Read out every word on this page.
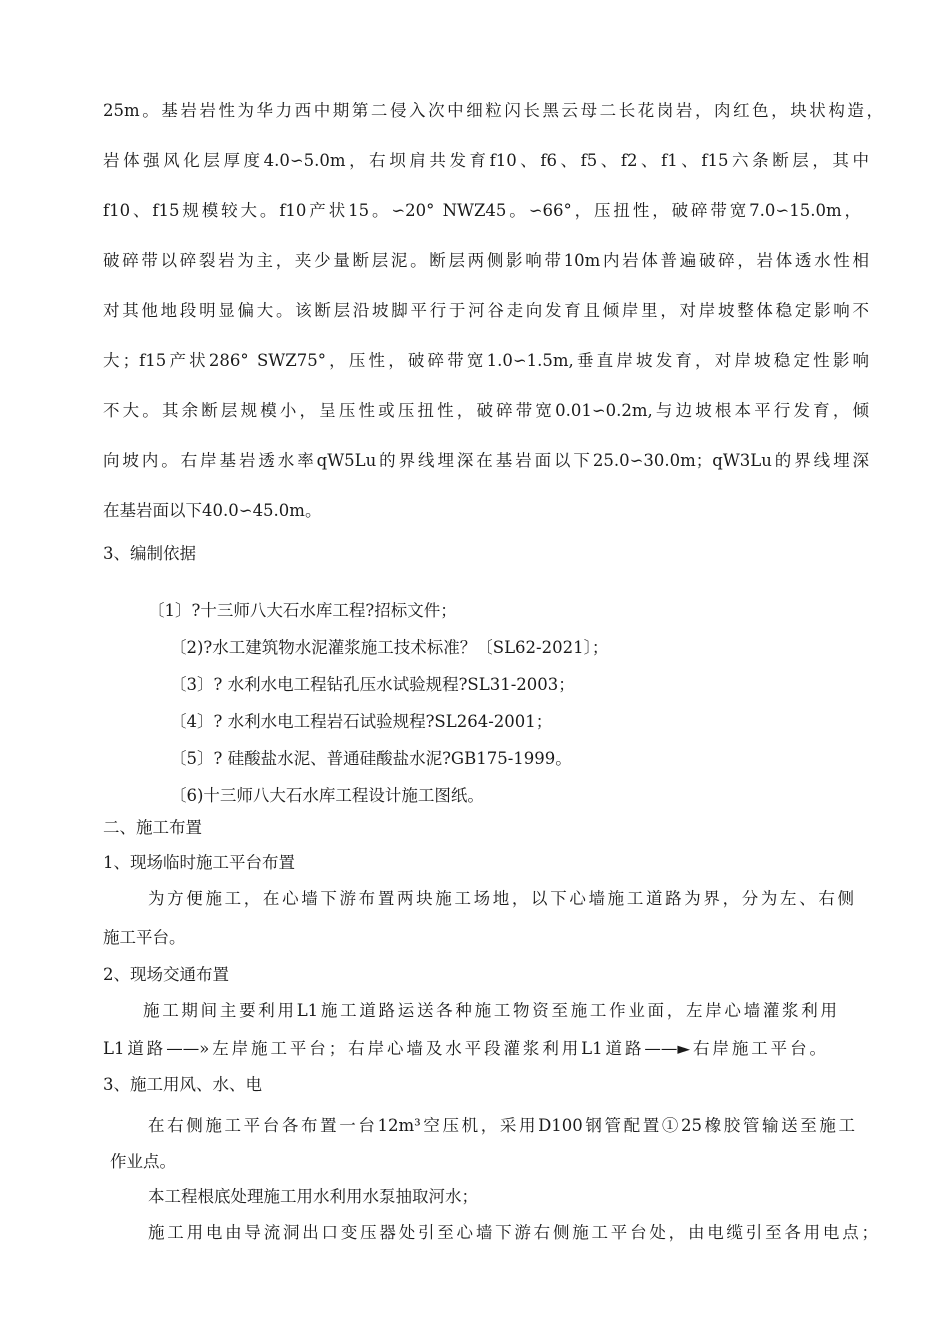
25m。基岩岩性为华力西中期第二侵入次中细粒闪长黑云母二长花岗岩，肉红色，块状构造，
岩体强风化层厚度4.0∽5.0m，右坝肩共发育f10、f6、f5、f2、f1、f15六条断层，其中
f10、f15规模较大。f10产状15。∽20° NWZ45。∽66°，压扭性，破碎带宽7.0∽15.0m，
破碎带以碎裂岩为主，夹少量断层泥。断层两侧影响带10m内岩体普遍破碎，岩体透水性相
对其他地段明显偏大。该断层沿坡脚平行于河谷走向发育且倾岸里，对岸坡整体稳定影响不
大；f15产状286° SWZ75°，压性，破碎带宽1.0∽1.5m,垂直岸坡发育，对岸坡稳定性影响
不大。其余断层规模小，呈压性或压扭性，破碎带宽0.01∽0.2m,与边坡根本平行发育，倾
向坡内。右岸基岩透水率qW5Lu的界线埋深在基岩面以下25.0∽30.0m；qW3Lu的界线埋深
在基岩面以下40.0∽45.0m。
3、编制依据
〔1〕?十三师八大石水库工程?招标文件；
〔2)?水工建筑物水泥灌浆施工技术标准？〔SL62-2021〕；
〔3〕? 水利水电工程钻孔压水试验规程?SL31-2003；
〔4〕? 水利水电工程岩石试验规程?SL264-2001；
〔5〕? 硅酸盐水泥、普通硅酸盐水泥?GB175-1999。
〔6)十三师八大石水库工程设计施工图纸。
二、施工布置
1、现场临时施工平台布置
为方便施工，在心墙下游布置两块施工场地，以下心墙施工道路为界，分为左、右侧
施工平台。
2、现场交通布置
施工期间主要利用L1施工道路运送各种施工物资至施工作业面，左岸心墙灌浆利用
L1道路——»左岸施工平台；右岸心墙及水平段灌浆利用L1道路——►右岸施工平台。
3、施工用风、水、电
在右侧施工平台各布置一台12m³空压机，采用D100钢管配置①25橡胶管输送至施工
作业点。
本工程根底处理施工用水利用水泵抽取河水；
施工用电由导流洞出口变压器处引至心墙下游右侧施工平台处，由电缆引至各用电点；
